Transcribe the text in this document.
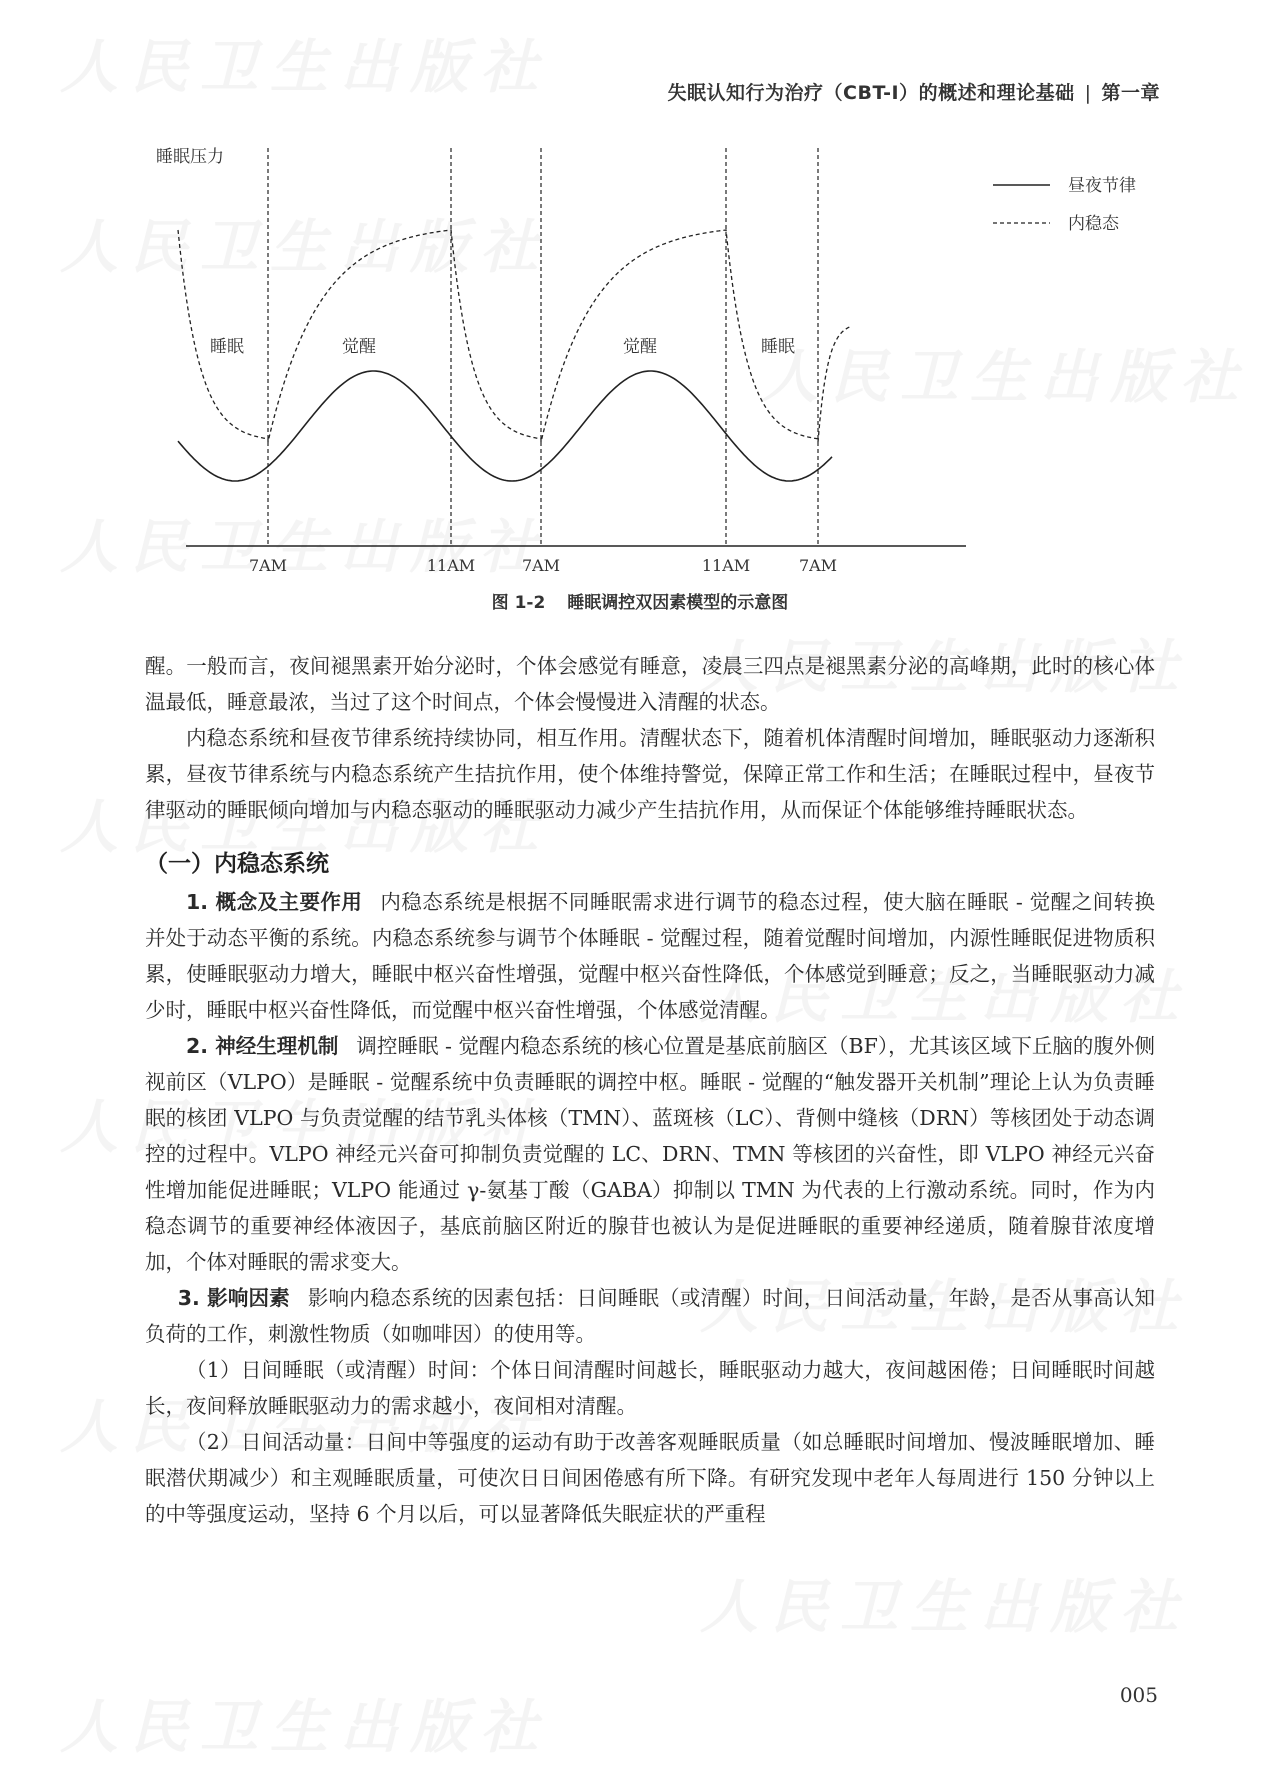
失眠认知行为治疗（CBT-I）的概述和理论基础 | 第一章
睡眠压力
昼夜节律
内稳态
睡眠	觉醒	觉醒	睡眠
7AM	11AM	7AM	11AM	7AM
图 1-2 睡眠调控双因素模型的示意图

醒。一般而言，夜间褪黑素开始分泌时，个体会感觉有睡意，凌晨三四点是褪黑素分泌的高峰期，此时的核心体温最低，睡意最浓，当过了这个时间点，个体会慢慢进入清醒的状态。

内稳态系统和昼夜节律系统持续协同，相互作用。清醒状态下，随着机体清醒时间增加，睡眠驱动力逐渐积累，昼夜节律系统与内稳态系统产生拮抗作用，使个体维持警觉，保障正常工作和生活；在睡眠过程中，昼夜节律驱动的睡眠倾向增加与内稳态驱动的睡眠驱动力减少产生拮抗作用，从而保证个体能够维持睡眠状态。

（一）内稳态系统

1. 概念及主要作用 内稳态系统是根据不同睡眠需求进行调节的稳态过程，使大脑在睡眠 - 觉醒之间转换并处于动态平衡的系统。内稳态系统参与调节个体睡眠 - 觉醒过程，随着觉醒时间增加，内源性睡眠促进物质积累，使睡眠驱动力增大，睡眠中枢兴奋性增强，觉醒中枢兴奋性降低，个体感觉到睡意；反之，当睡眠驱动力减少时，睡眠中枢兴奋性降低，而觉醒中枢兴奋性增强，个体感觉清醒。

2. 神经生理机制 调控睡眠 - 觉醒内稳态系统的核心位置是基底前脑区（BF），尤其该区域下丘脑的腹外侧视前区（VLPO）是睡眠 - 觉醒系统中负责睡眠的调控中枢。睡眠 - 觉醒的“触发器开关机制”理论上认为负责睡眠的核团 VLPO 与负责觉醒的结节乳头体核（TMN）、蓝斑核（LC）、背侧中缝核（DRN）等核团处于动态调控的过程中。VLPO 神经元兴奋可抑制负责觉醒的 LC、DRN、TMN 等核团的兴奋性，即 VLPO 神经元兴奋性增加能促进睡眠；VLPO 能通过 γ-氨基丁酸（GABA）抑制以 TMN 为代表的上行激动系统。同时，作为内稳态调节的重要神经体液因子，基底前脑区附近的腺苷也被认为是促进睡眠的重要神经递质，随着腺苷浓度增加，个体对睡眠的需求变大。

3. 影响因素 影响内稳态系统的因素包括：日间睡眠（或清醒）时间，日间活动量，年龄，是否从事高认知负荷的工作，刺激性物质（如咖啡因）的使用等。

（1）日间睡眠（或清醒）时间：个体日间清醒时间越长，睡眠驱动力越大，夜间越困倦；日间睡眠时间越长，夜间释放睡眠驱动力的需求越小，夜间相对清醒。

（2）日间活动量：日间中等强度的运动有助于改善客观睡眠质量（如总睡眠时间增加、慢波睡眠增加、睡眠潜伏期减少）和主观睡眠质量，可使次日日间困倦感有所下降。有研究发现中老年人每周进行 150 分钟以上的中等强度运动，坚持 6 个月以后，可以显著降低失眠症状的严重程

005
